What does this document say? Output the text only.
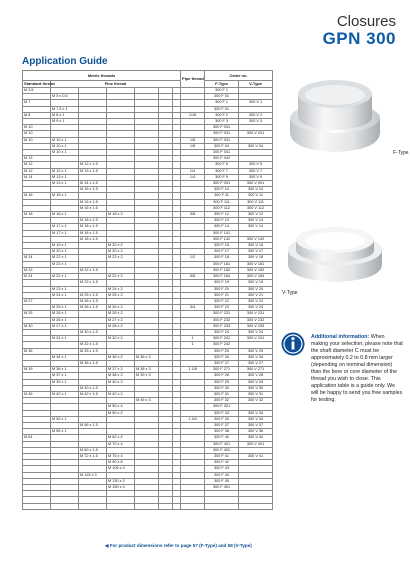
Closures
GPN 300
Application Guide
Metric threads							Pipe thread	Order no.	
Standard thread	Fine thread							F-Type	V-Type
M 3.5								300 F 1	
	M 5 x 0.5							300 F 01	
M 7								300 F 1	300 V 1
	M 7.5 x 1							300 F 01	
M 8	M 8 x 1						1/16	300 F 2	300 V 2
	M 9 x 1							300 F 3	300 V 3
M 10								300 F 031	
M 10								300 F 031	300 V 031
M 10	M 10 x 1						1/8	300 F 031	
	M 10 x 1						1/8	300 F 04	300 V 04
	M 10 x 1							300 F 041	
M 12								300 F 042	
M 12		M 12 x 1.5						300 F 5	300 V 5
M 12	M 12 x 1	M 13 x 1.5					1/4	300 F 7	300 V 7
M 14	M 13 x 1						1/4	300 F 9	300 V 9
	M 13 x 1	M 14 x 1.5						300 F 091	300 V 091
		M 15 x 1.5						300 F 10	300 V 10
M 16	M 15 x 1							300 F 11	300 V 11
		M 16 x 1.5						300 F 111	300 V 111
		M 16 x 1.5						300 F 112	300 V 112
M 18	M 16 x 1		M 18 x 2				3/8	300 F 12	300 V 12
		M 18 x 1.5						300 F 13	300 V 13
	M 17 x 1	M 18 x 1.5						300 F 14	300 V 14
	M 17 x 1	M 18 x 1.5						300 F 141	
		M 18 x 1.5						300 F 142	300 V 142
	M 19 x 1		M 20 x 2					300 F 15	300 V 15
	M 20 x 1		M 20 x 2					300 F 17	300 V 17
M 24	M 22 x 1		M 23 x 2				1/2	300 F 18	300 V 18
	M 22 x 1							300 F 181	300 V 181
M 22		M 22 x 1.5						300 F 182	300 V 182
M 24	M 22 x 1		M 22 x 2				5/8	300 F 184	300 V 184
		M 22 x 1.5						300 F 19	300 V 19
	M 23 x 1		M 24 x 2					300 F 20	300 V 20
	M 24 x 1	M 25 x 1.5	M 25 x 2					300 F 21	300 V 21
M 27		M 26 x 1.5						300 F 22	300 V 22
	M 25 x 1	M 26 x 1.5	M 26 x 2				3/4	300 F 23	300 V 23
M 25	M 26 x 1		M 26 x 2					300 F 231	300 V 231
	M 26 x 1		M 27 x 2					300 F 232	300 V 232
M 30	M 27 x 1		M 28 x 2					300 F 233	300 V 233
		M 30 x 1.5						300 F 24	300 V 24
	M 31 x 1		M 32 x 2				1	300 F 241	300 V 241
		M 32 x 1.5					1	300 F 242	
M 36		M 33 x 1.5						300 F 25	300 V 25
	M 34 x 1		M 36 x 2	M 36 x 3				300 F 26	300 V 26
		M 36 x 1.5						300 F 27	300 V 27
M 39	M 36 x 1		M 37 x 2	M 38 x 3			1 1/8	300 F 271	300 V 271
	M 37 x 1		M 38 x 2	M 39 x 3				300 F 28	300 V 28
	M 39 x 1		M 40 x 2					300 F 29	300 V 29
		M 40 x 1.5						300 F 30	300 V 30
M 45	M 42 x 1	M 42 x 1.5	M 42 x 2					300 F 31	300 V 31
				M 45 x 3				300 F 32	300 V 32
			M 50 x 4					300 F 321	
			M 50 x 2					300 F 33	300 V 33
	M 52 x 1						1 3/4	300 F 34	300 V 34
		M 56 x 1.5						300 F 37	300 V 37
	M 56 x 1							300 F 38	300 V 38
M 64			M 62 x 4					300 F 40	300 V 40
			M 70 x 4					300 F 401	300 V 401
		M 60 x 1.5						300 F 402	
		M 72 x 1.5	M 75 x 4					300 F 41	300 V 41
			M 90 x 6					300 F 42	
			M 105 x 3					300 F 43	
		M 125 x 3						300 F 44	
			M 130 x 3					300 F 45	
			M 150 x 3					300 F 451	

F-Type
V-Type
Additional information: When making your selection, please note that the shaft diameter C must be approximately 0.2 to 0.8 mm larger (depending on nominal dimension) than the bore or core diameter of the thread you wish to close. This application table is a guide only. We will be happy to send you free samples for testing.
◀ For product dimensions refer to page 57 (F-Type) and 58 (V-Type)
